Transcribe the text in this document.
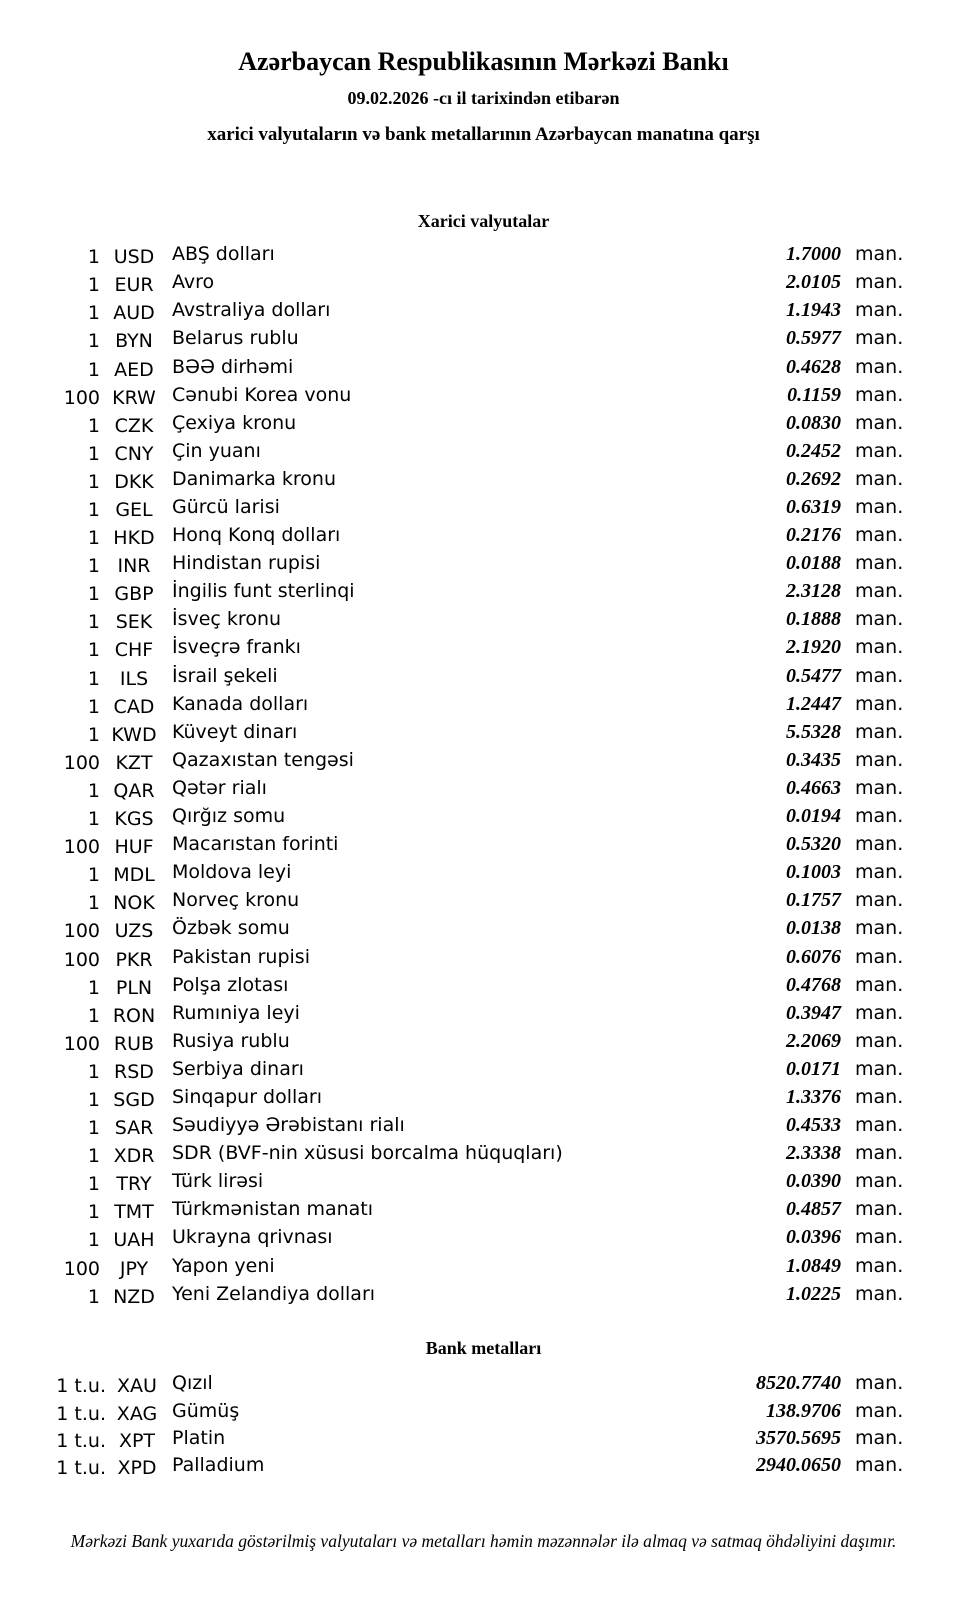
Azərbaycan Respublikasının Mərkəzi Bankı
09.02.2026 -cı il tarixindən etibarən
xarici valyutaların və bank metallarının Azərbaycan manatına qarşı
Xarici valyutalar
1 USD ABŞ dolları	1.7000 man.
1 EUR Avro	2.0105 man.
1 AUD Avstraliya dolları	1.1943 man.
1 BYN	Belarus rublu	0.5977 man.
1 AED BƏƏ dirhəmi	0.4628 man.
100 KRW Cənubi Korea vonu	0.1159 man.
1 CZK Çexiya kronu	0.0830 man.
1 CNY Çin yuanı	0.2452 man.
1 DKK Danimarka kronu	0.2692 man.
1 GEL	Gürcü larisi	0.6319 man.
1 HKD Honq Konq dolları	0.2176 man.
1 INR	Hindistan rupisi	0.0188 man.
1 GBP İngilis funt sterlinqi	2.3128 man.
1 SEK	İsveç kronu	0.1888 man.
1 CHF İsveçrə frankı	2.1920 man.
1	ILS	İsrail şekeli	0.5477 man.
1 CAD Kanada dolları	1.2447 man.
1 KWD Küveyt dinarı	5.5328 man.
100 KZT	Qazaxıstan tengəsi	0.3435 man.
1 QAR Qətər rialı	0.4663 man.
1 KGS Qırğız somu	0.0194 man.
100 HUF Macarıstan forinti	0.5320 man.
1 MDL Moldova leyi	0.1003 man.
1 NOK Norveç kronu	0.1757 man.
100 UZS Özbək somu	0.0138 man.
100 PKR	Pakistan rupisi	0.6076 man.
1 PLN	Polşa zlotası	0.4768 man.
1 RON Rumıniya leyi	0.3947 man.
100 RUB Rusiya rublu	2.2069 man.
1 RSD Serbiya dinarı	0.0171 man.
1 SGD Sinqapur dolları	1.3376 man.
1 SAR Səudiyyə Ərəbistanı rialı	0.4533 man.
1 XDR SDR (BVF-nin xüsusi borcalma hüquqları)	2.3338 man.
1 TRY	Türk lirəsi	0.0390 man.
1 TMT Türkmənistan manatı	0.4857 man.
1 UAH Ukrayna qrivnası	0.0396 man.
100	JPY	Yapon yeni	1.0849 man.
1 NZD Yeni Zelandiya dolları	1.0225 man.
Bank metalları
1 t.u. XAU Qızıl	8520.7740 man.
1 t.u. XAG Gümüş	138.9706 man.
1 t.u. XPT Platin	3570.5695 man.
1 t.u. XPD Palladium	2940.0650 man.
Mərkəzi Bank yuxarıda göstərilmiş valyutaları və metalları həmin məzənnələr ilə almaq və satmaq öhdəliyini daşımır.
